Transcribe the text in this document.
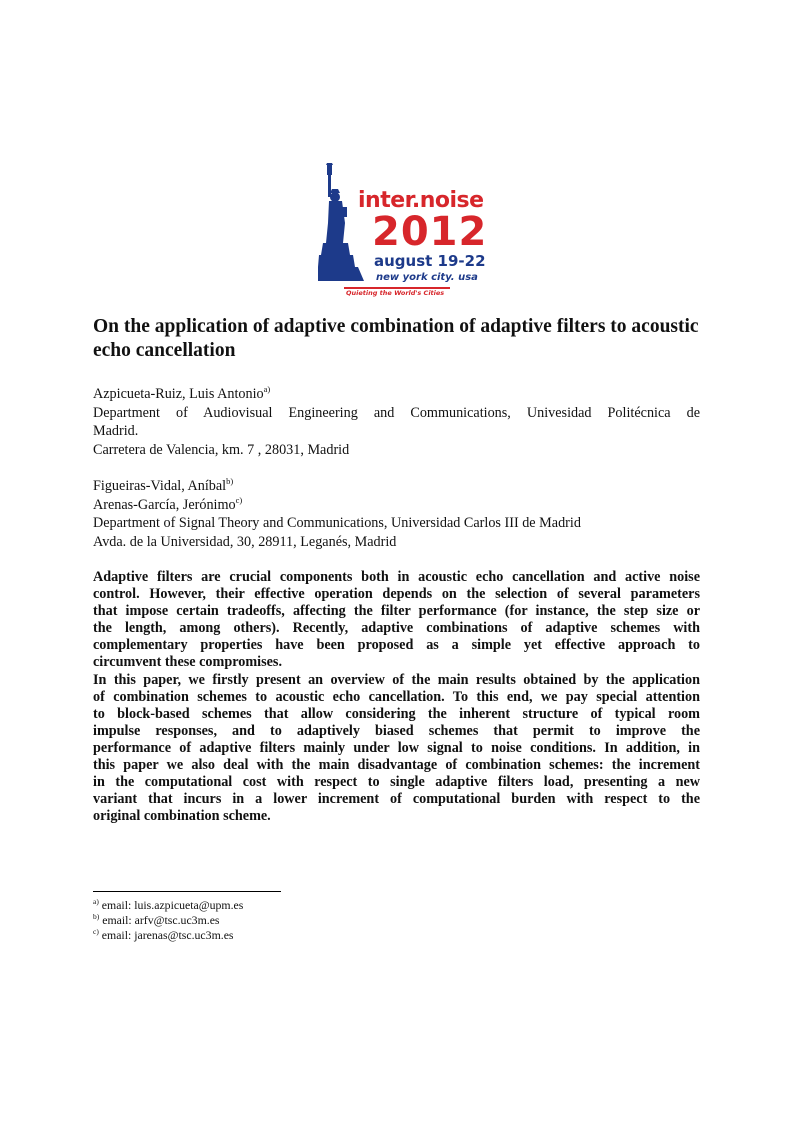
inter.noise
2012
august 19-22
new york city. usa
Quieting the World's Cities
On the application of adaptive combination of adaptive filters to acoustic echo cancellation
Azpicueta-Ruiz, Luis Antonio$^{a)}$
Department of Audiovisual Engineering and Communications, Univesidad Politécnica de
Madrid.
Carretera de Valencia, km. 7 , 28031, Madrid
Figueiras-Vidal, Aníbal$^{b)}$
Arenas-García, Jerónimo$^{c)}$
Department of Signal Theory and Communications, Universidad Carlos III de Madrid
Avda. de la Universidad, 30, 28911, Leganés, Madrid
Adaptive filters are crucial components both in acoustic echo cancellation and active noise
control. However, their effective operation depends on the selection of several parameters
that impose certain tradeoffs, affecting the filter performance (for instance, the step size or
the length, among others). Recently, adaptive combinations of adaptive schemes with
complementary properties have been proposed as a simple yet effective approach to
circumvent these compromises.
In this paper, we firstly present an overview of the main results obtained by the application
of combination schemes to acoustic echo cancellation. To this end, we pay special attention
to block-based schemes that allow considering the inherent structure of typical room
impulse responses, and to adaptively biased schemes that permit to improve the
performance of adaptive filters mainly under low signal to noise conditions. In addition, in
this paper we also deal with the main disadvantage of combination schemes: the increment
in the computational cost with respect to single adaptive filters load, presenting a new
variant that incurs in a lower increment of computational burden with respect to the
original combination scheme.
$^{a)}$ email: luis.azpicueta@upm.es
$^{b)}$ email: arfv@tsc.uc3m.es
$^{c)}$ email: jarenas@tsc.uc3m.es
